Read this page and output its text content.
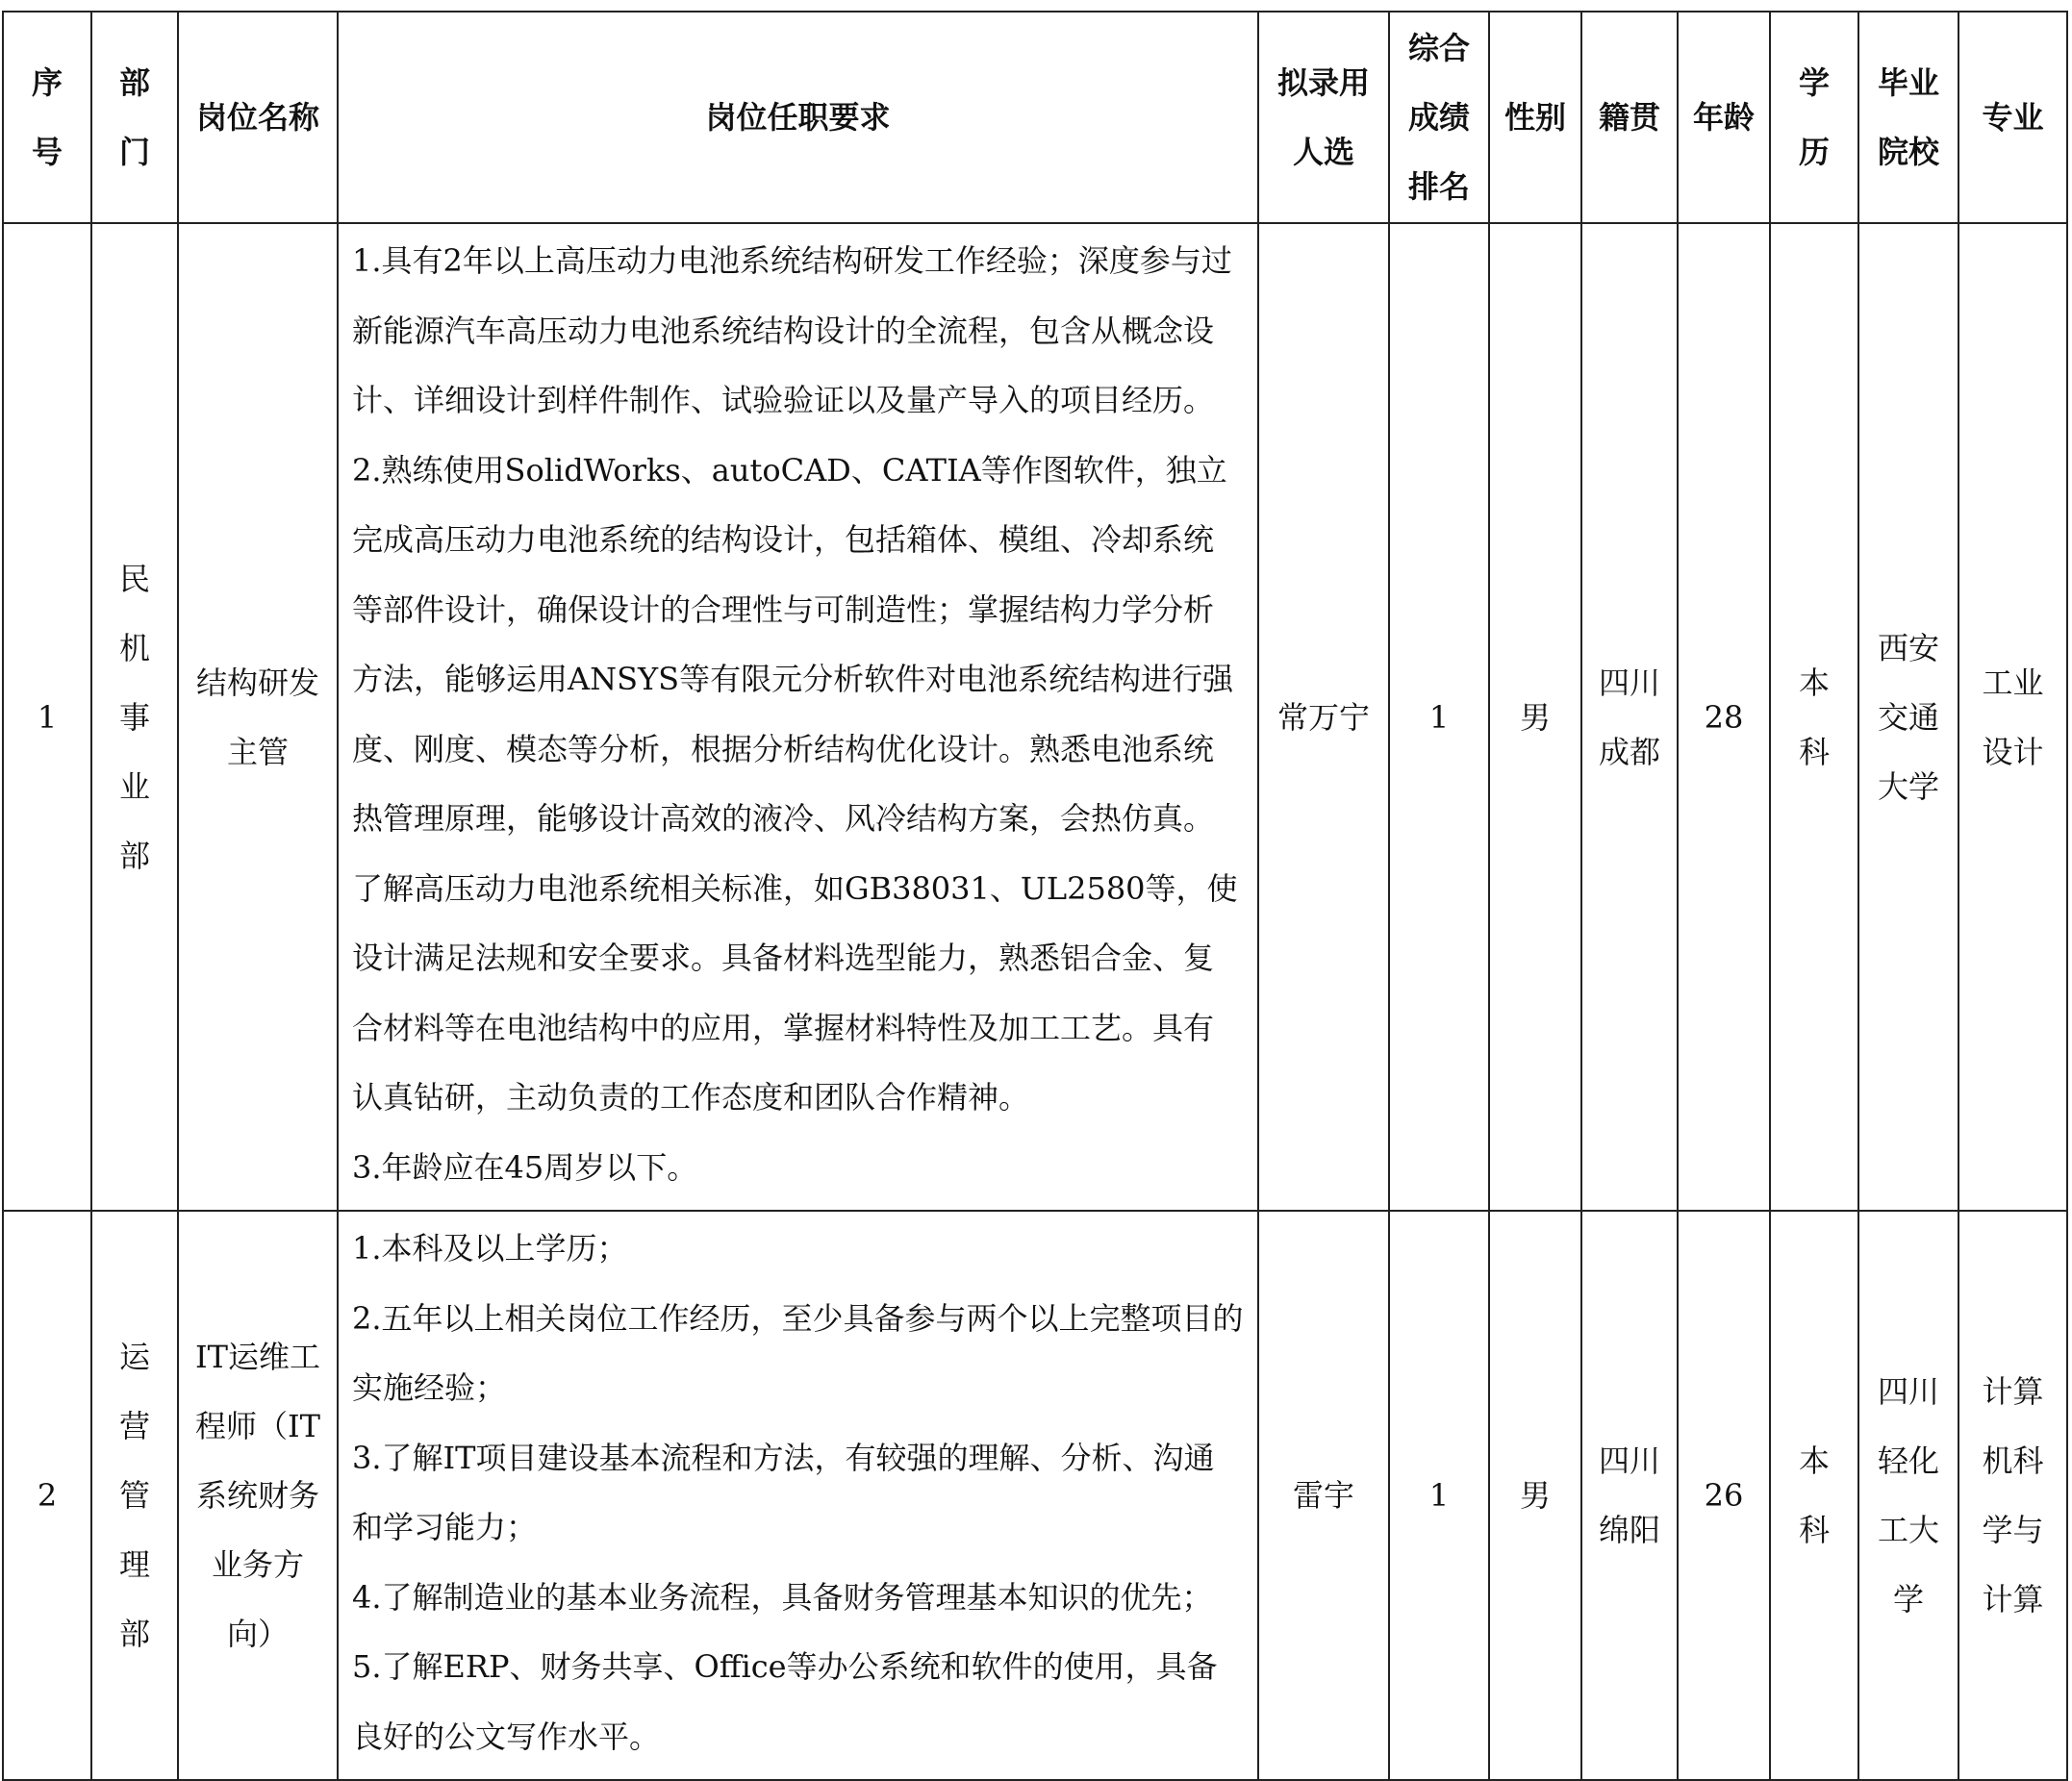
序号	部门	岗位名称	岗位任职要求	拟录用人选	综合成绩排名	性别	籍贯	年龄	学历	毕业院校	专业
1	民机事业部	结构研发主管	1.具有2年以上高压动力电池系统结构研发工作经验；深度参与过新能源汽车高压动力电池系统结构设计的全流程，包含从概念设计、详细设计到样件制作、试验验证以及量产导入的项目经历。

2.熟练使用SolidWorks、autoCAD、CATIA等作图软件，独立完成高压动力电池系统的结构设计，包括箱体、模组、冷却系统等部件设计，确保设计的合理性与可制造性；掌握结构力学分析方法，能够运用ANSYS等有限元分析软件对电池系统结构进行强度、刚度、模态等分析，根据分析结构优化设计。熟悉电池系统热管理原理，能够设计高效的液冷、风冷结构方案，会热仿真。了解高压动力电池系统相关标准，如GB38031、UL2580等，使设计满足法规和安全要求。具备材料选型能力，熟悉铝合金、复合材料等在电池结构中的应用，掌握材料特性及加工工艺。具有认真钻研，主动负责的工作态度和团队合作精神。

3.年龄应在45周岁以下。	常万宁	1	男	四川成都	28	本科	西安交通大学	工业设计
2	运营管理部	IT运维工程师（IT系统财务业务方向）	1.本科及以上学历；

2.五年以上相关岗位工作经历，至少具备参与两个以上完整项目的实施经验；

3.了解IT项目建设基本流程和方法，有较强的理解、分析、沟通和学习能力；

4.了解制造业的基本业务流程，具备财务管理基本知识的优先；

5.了解ERP、财务共享、Office等办公系统和软件的使用，具备良好的公文写作水平。	雷宇	1	男	四川绵阳	26	本科	四川轻化工大学	计算机科学与计算
